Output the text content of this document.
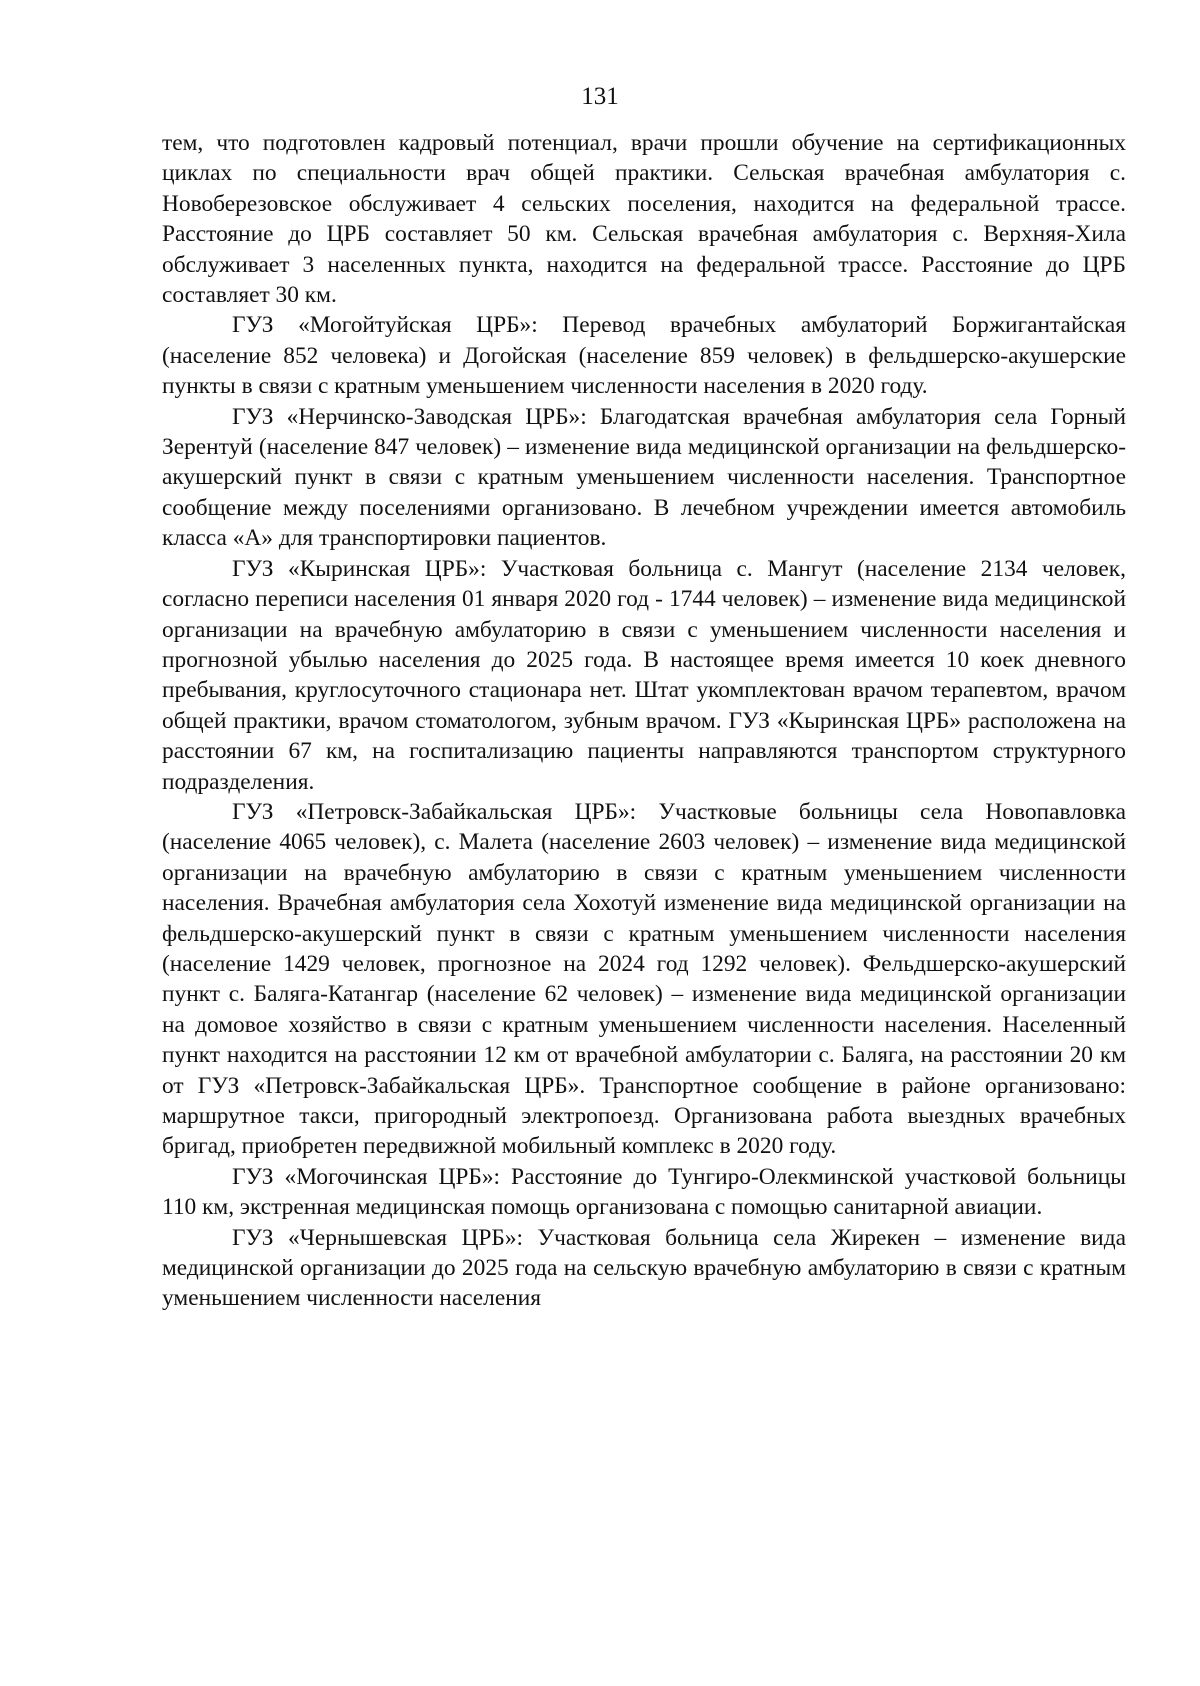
131

тем, что подготовлен кадровый потенциал, врачи прошли обучение на сертификационных циклах по специальности врач общей практики. Сельская врачебная амбулатория с. Новоберезовское обслуживает 4 сельских поселения, находится на федеральной трассе. Расстояние до ЦРБ составляет 50 км. Сельская врачебная амбулатория с. Верхняя-Хила обслуживает 3 населенных пункта, находится на федеральной трассе. Расстояние до ЦРБ составляет 30 км.

ГУЗ «Могойтуйская ЦРБ»: Перевод врачебных амбулаторий Боржигантайская (население 852 человека) и Догойская (население 859 человек) в фельдшерско-акушерские пункты в связи с кратным уменьшением численности населения в 2020 году.

ГУЗ «Нерчинско-Заводская ЦРБ»: Благодатская врачебная амбулатория села Горный Зерентуй (население 847 человек) – изменение вида медицинской организации на фельдшерско-акушерский пункт в связи с кратным уменьшением численности населения. Транспортное сообщение между поселениями организовано. В лечебном учреждении имеется автомобиль класса «А» для транспортировки пациентов.

ГУЗ «Кыринская ЦРБ»: Участковая больница с. Мангут (население 2134 человек, согласно переписи населения 01 января 2020 год - 1744 человек) – изменение вида медицинской организации на врачебную амбулаторию в связи с уменьшением численности населения и прогнозной убылью населения до 2025 года. В настоящее время имеется 10 коек дневного пребывания, круглосуточного стационара нет. Штат укомплектован врачом терапевтом, врачом общей практики, врачом стоматологом, зубным врачом. ГУЗ «Кыринская ЦРБ» расположена на расстоянии 67 км, на госпитализацию пациенты направляются транспортом структурного подразделения.

ГУЗ «Петровск-Забайкальская ЦРБ»: Участковые больницы села Новопавловка (население 4065 человек), с. Малета (население 2603 человек) – изменение вида медицинской организации на врачебную амбулаторию в связи с кратным уменьшением численности населения. Врачебная амбулатория села Хохотуй изменение вида медицинской организации на фельдшерско-акушерский пункт в связи с кратным уменьшением численности населения (население 1429 человек, прогнозное на 2024 год 1292 человек). Фельдшерско-акушерский пункт с. Баляга-Катангар (население 62 человек) – изменение вида медицинской организации на домовое хозяйство в связи с кратным уменьшением численности населения. Населенный пункт находится на расстоянии 12 км от врачебной амбулатории с. Баляга, на расстоянии 20 км от ГУЗ «Петровск-Забайкальская ЦРБ». Транспортное сообщение в районе организовано: маршрутное такси, пригородный электропоезд. Организована работа выездных врачебных бригад, приобретен передвижной мобильный комплекс в 2020 году.

ГУЗ «Могочинская ЦРБ»: Расстояние до Тунгиро-Олекминской участковой больницы 110 км, экстренная медицинская помощь организована с помощью санитарной авиации.

ГУЗ «Чернышевская ЦРБ»: Участковая больница села Жирекен – изменение вида медицинской организации до 2025 года на сельскую врачебную амбулаторию в связи с кратным уменьшением численности населения
